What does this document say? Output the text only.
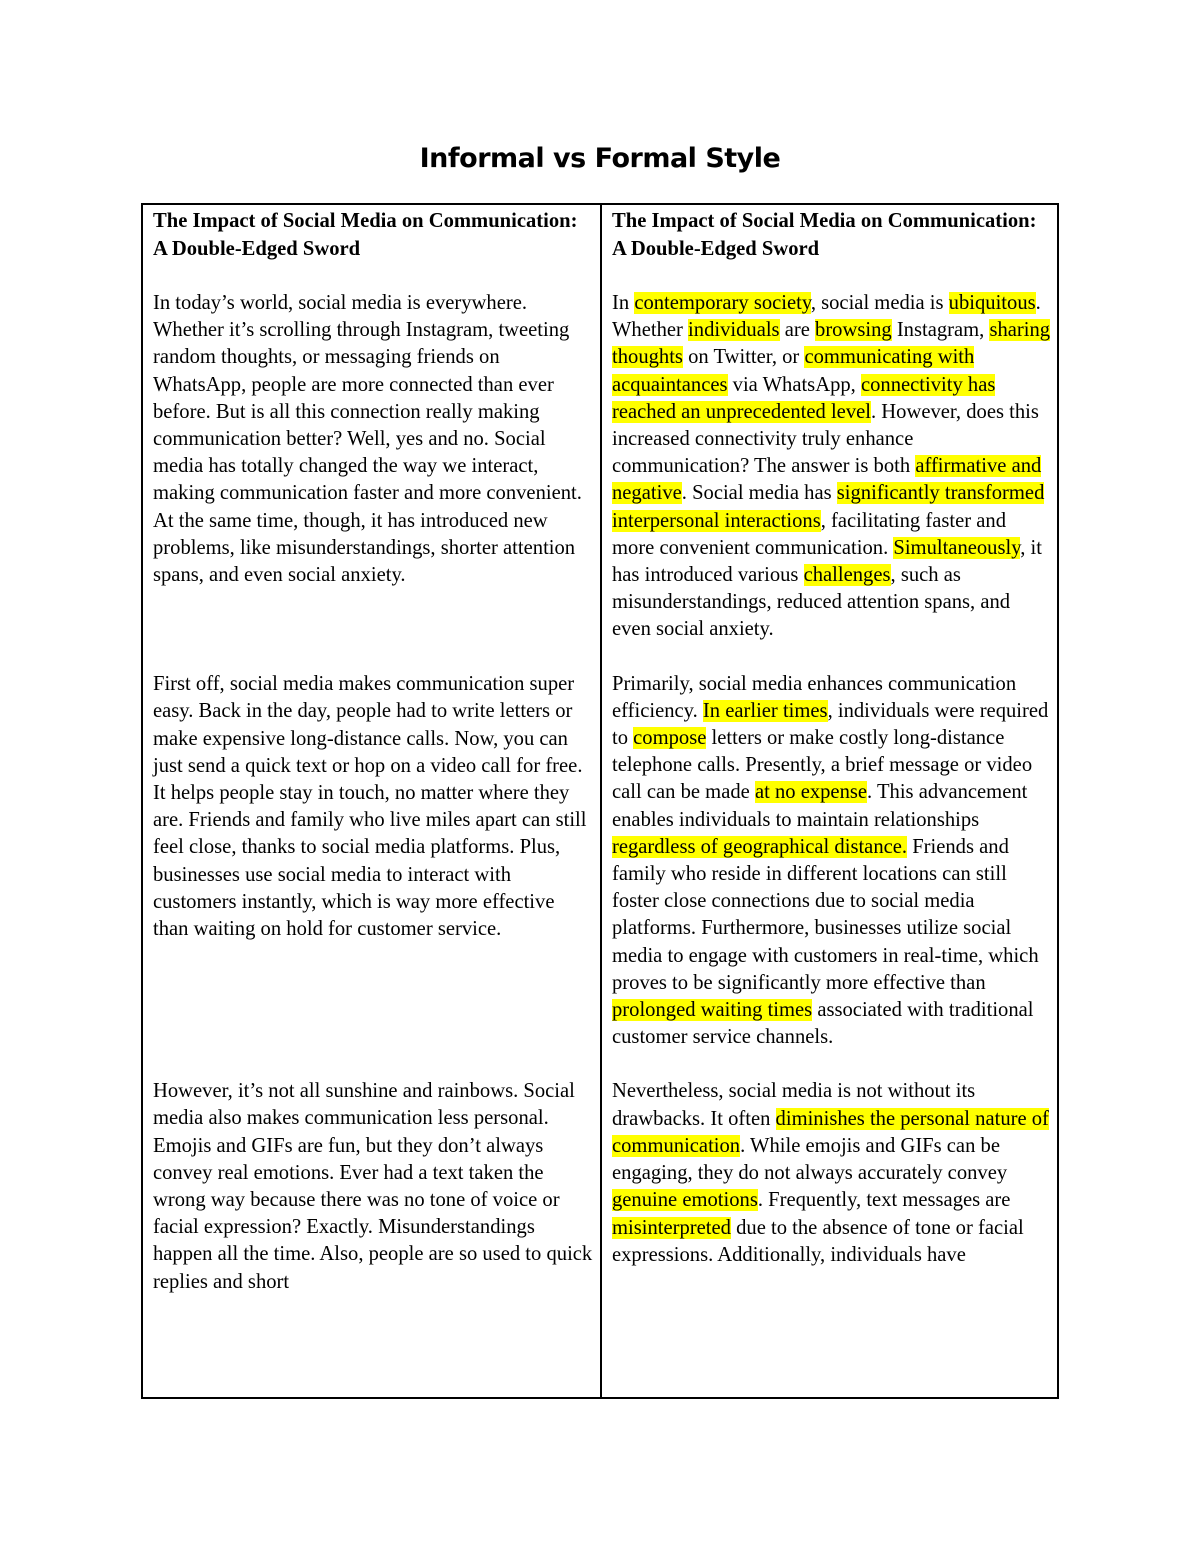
Informal vs Formal Style
The Impact of Social Media on Communication: A Double-Edged Sword

In today’s world, social media is everywhere. Whether it’s scrolling through Instagram, tweeting random thoughts, or messaging friends on WhatsApp, people are more connected than ever before. But is all this connection really making communication better? Well, yes and no. Social media has totally changed the way we interact, making communication faster and more convenient. At the same time, though, it has introduced new problems, like misunderstandings, shorter attention spans, and even social anxiety.

First off, social media makes communication super easy. Back in the day, people had to write letters or make expensive long-distance calls. Now, you can just send a quick text or hop on a video call for free. It helps people stay in touch, no matter where they are. Friends and family who live miles apart can still feel close, thanks to social media platforms. Plus, businesses use social media to interact with customers instantly, which is way more effective than waiting on hold for customer service.

However, it’s not all sunshine and rainbows. Social media also makes communication less personal. Emojis and GIFs are fun, but they don’t always convey real emotions. Ever had a text taken the wrong way because there was no tone of voice or facial expression? Exactly. Misunderstandings happen all the time. Also, people are so used to quick replies and short

The Impact of Social Media on Communication: A Double-Edged Sword

In contemporary society, social media is ubiquitous. Whether individuals are browsing Instagram, sharing thoughts on Twitter, or communicating with acquaintances via WhatsApp, connectivity has reached an unprecedented level. However, does this increased connectivity truly enhance communication? The answer is both affirmative and negative. Social media has significantly transformed interpersonal interactions, facilitating faster and more convenient communication. Simultaneously, it has introduced various challenges, such as misunderstandings, reduced attention spans, and even social anxiety.

Primarily, social media enhances communication efficiency. In earlier times, individuals were required to compose letters or make costly long-distance telephone calls. Presently, a brief message or video call can be made at no expense. This advancement enables individuals to maintain relationships regardless of geographical distance. Friends and family who reside in different locations can still foster close connections due to social media platforms. Furthermore, businesses utilize social media to engage with customers in real-time, which proves to be significantly more effective than prolonged waiting times associated with traditional customer service channels.

Nevertheless, social media is not without its drawbacks. It often diminishes the personal nature of communication. While emojis and GIFs can be engaging, they do not always accurately convey genuine emotions. Frequently, text messages are misinterpreted due to the absence of tone or facial expressions. Additionally, individuals have
